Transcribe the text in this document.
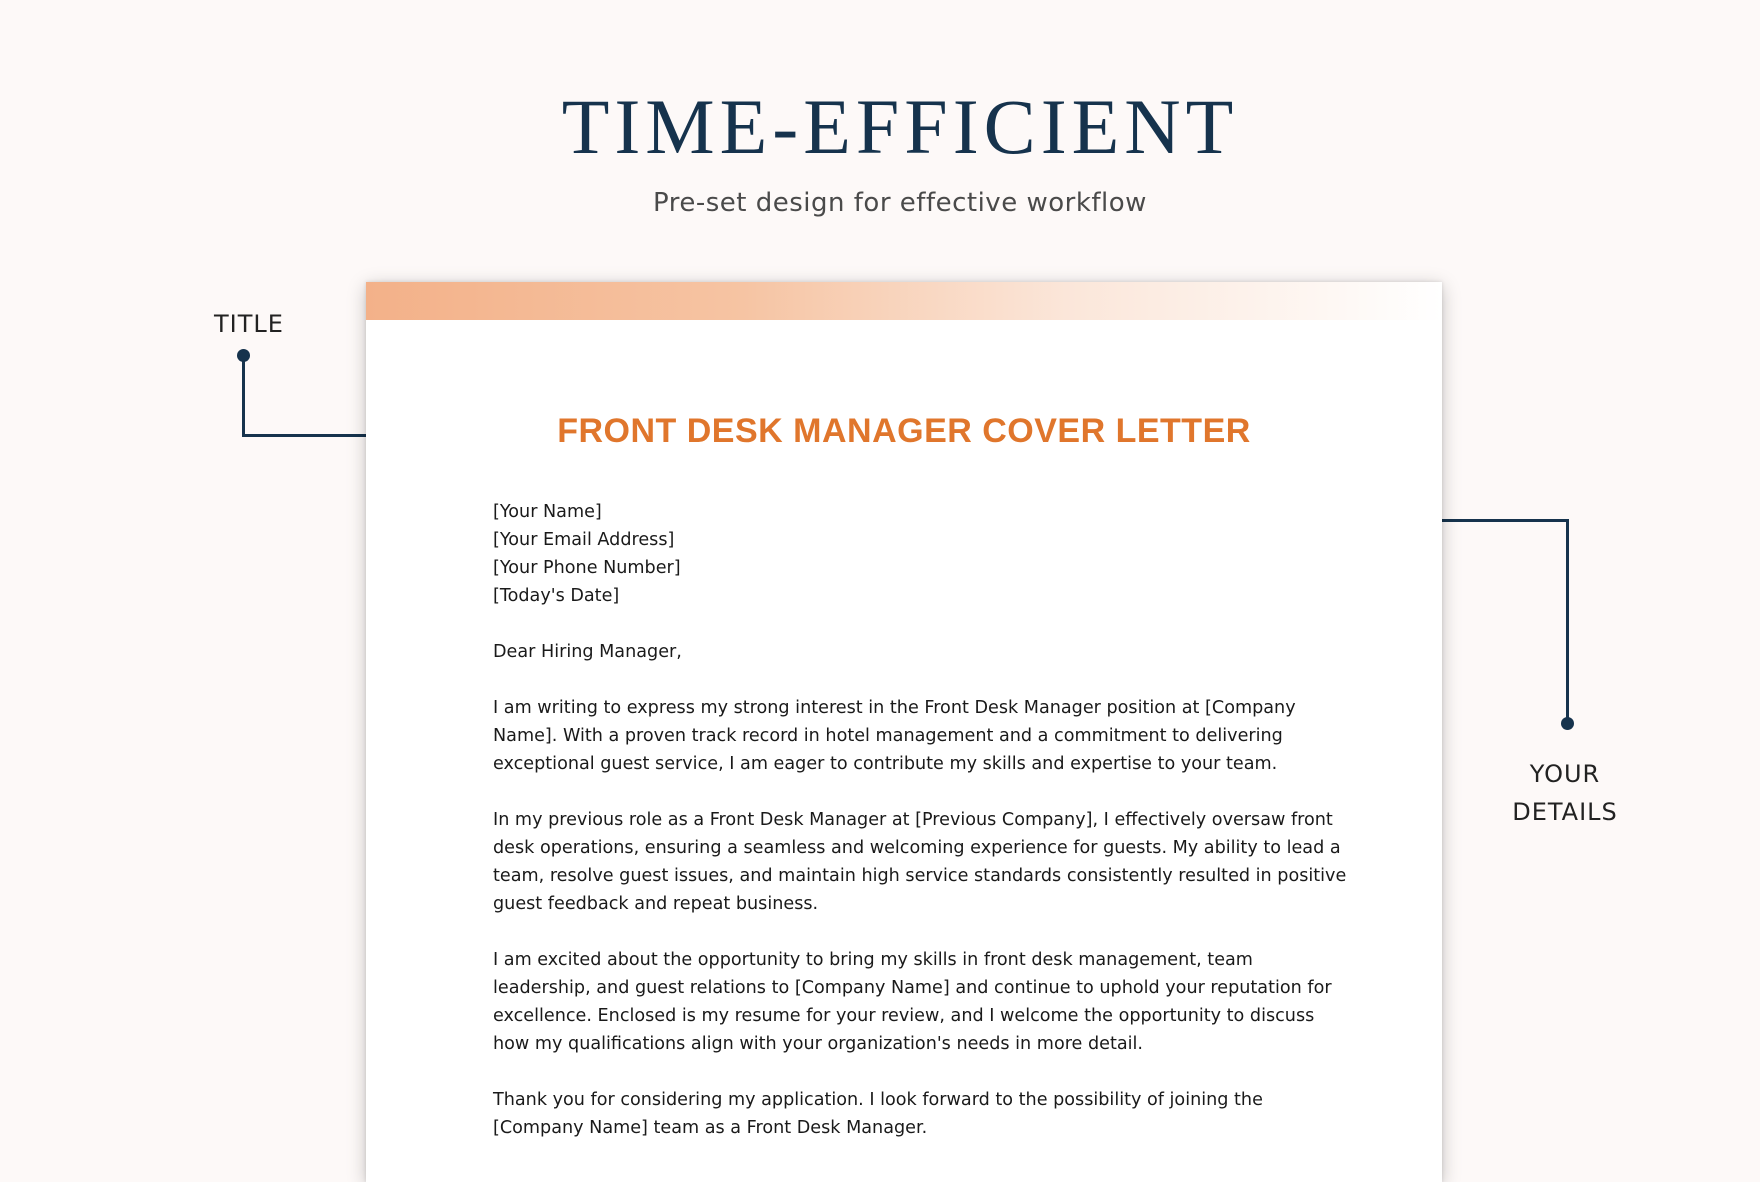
TIME-EFFICIENT
Pre-set design for effective workflow
TITLE
YOUR
DETAILS
FRONT DESK MANAGER COVER LETTER
[Your Name]
[Your Email Address]
[Your Phone Number]
[Today's Date]
Dear Hiring Manager,
I am writing to express my strong interest in the Front Desk Manager position at [Company
Name]. With a proven track record in hotel management and a commitment to delivering
exceptional guest service, I am eager to contribute my skills and expertise to your team.
In my previous role as a Front Desk Manager at [Previous Company], I effectively oversaw front
desk operations, ensuring a seamless and welcoming experience for guests. My ability to lead a
team, resolve guest issues, and maintain high service standards consistently resulted in positive
guest feedback and repeat business.
I am excited about the opportunity to bring my skills in front desk management, team
leadership, and guest relations to [Company Name] and continue to uphold your reputation for
excellence. Enclosed is my resume for your review, and I welcome the opportunity to discuss
how my qualifications align with your organization's needs in more detail.
Thank you for considering my application. I look forward to the possibility of joining the
[Company Name] team as a Front Desk Manager.
